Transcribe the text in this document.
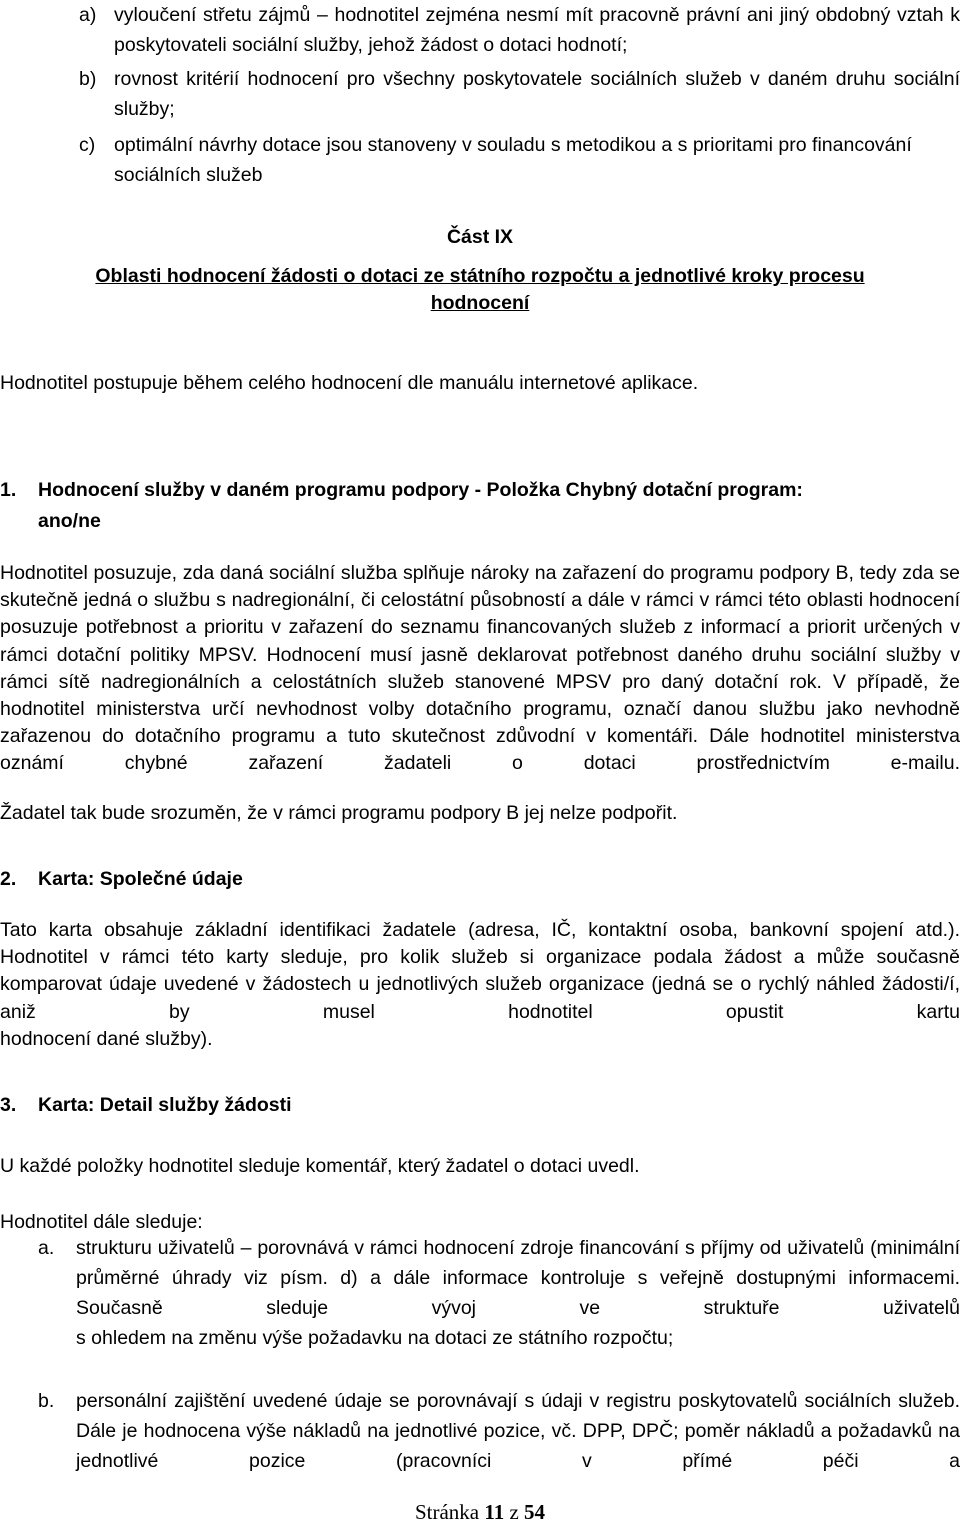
a) vyloučení střetu zájmů – hodnotitel zejména nesmí mít pracovně právní ani jiný obdobný vztah k poskytovateli sociální služby, jehož žádost o dotaci hodnotí;
b) rovnost kritérií hodnocení pro všechny poskytovatele sociálních služeb v daném druhu sociální služby;
c) optimální návrhy dotace jsou stanoveny v souladu s metodikou a s prioritami pro financování sociálních služeb
Část IX
Oblasti hodnocení žádosti o dotaci ze státního rozpočtu a jednotlivé kroky procesu
hodnocení
Hodnotitel postupuje během celého hodnocení dle manuálu internetové aplikace.
1. Hodnocení služby v daném programu podpory - Položka Chybný dotační program:
ano/ne
Hodnotitel posuzuje, zda daná sociální služba splňuje nároky na zařazení do programu podpory B, tedy zda se skutečně jedná o službu s nadregionální, či celostátní působností a dále v rámci v rámci této oblasti hodnocení posuzuje potřebnost a prioritu v zařazení do seznamu financovaných služeb z informací a priorit určených v rámci dotační politiky MPSV. Hodnocení musí jasně deklarovat potřebnost daného druhu sociální služby v rámci sítě nadregionálních a celostátních služeb stanovené MPSV pro daný dotační rok. V případě, že hodnotitel ministerstva určí nevhodnost volby dotačního programu, označí danou službu jako nevhodně zařazenou do dotačního programu a tuto skutečnost zdůvodní v komentáři. Dále hodnotitel ministerstva oznámí chybné zařazení žadateli o dotaci prostřednictvím e-mailu.
Žadatel tak bude srozuměn, že v rámci programu podpory B jej nelze podpořit.
2. Karta: Společné údaje
Tato karta obsahuje základní identifikaci žadatele (adresa, IČ, kontaktní osoba, bankovní spojení atd.). Hodnotitel v rámci této karty sleduje, pro kolik služeb si organizace podala žádost a může současně komparovat údaje uvedené v žádostech u jednotlivých služeb organizace (jedná se o rychlý náhled žádosti/í, aniž by musel hodnotitel opustit kartu
hodnocení dané služby).
3. Karta: Detail služby žádosti
U každé položky hodnotitel sleduje komentář, který žadatel o dotaci uvedl.
Hodnotitel dále sleduje:
a. strukturu uživatelů – porovnává v rámci hodnocení zdroje financování s příjmy od uživatelů (minimální průměrné úhrady viz písm. d) a dále informace kontroluje s veřejně dostupnými informacemi. Současně sleduje vývoj ve struktuře uživatelů
s ohledem na změnu výše požadavku na dotaci ze státního rozpočtu;
b. personální zajištění uvedené údaje se porovnávají s údaji v registru poskytovatelů sociálních služeb. Dále je hodnocena výše nákladů na jednotlivé pozice, vč. DPP, DPČ; poměr nákladů a požadavků na jednotlivé pozice (pracovníci v přímé péči a
Stránka 11 z 54
